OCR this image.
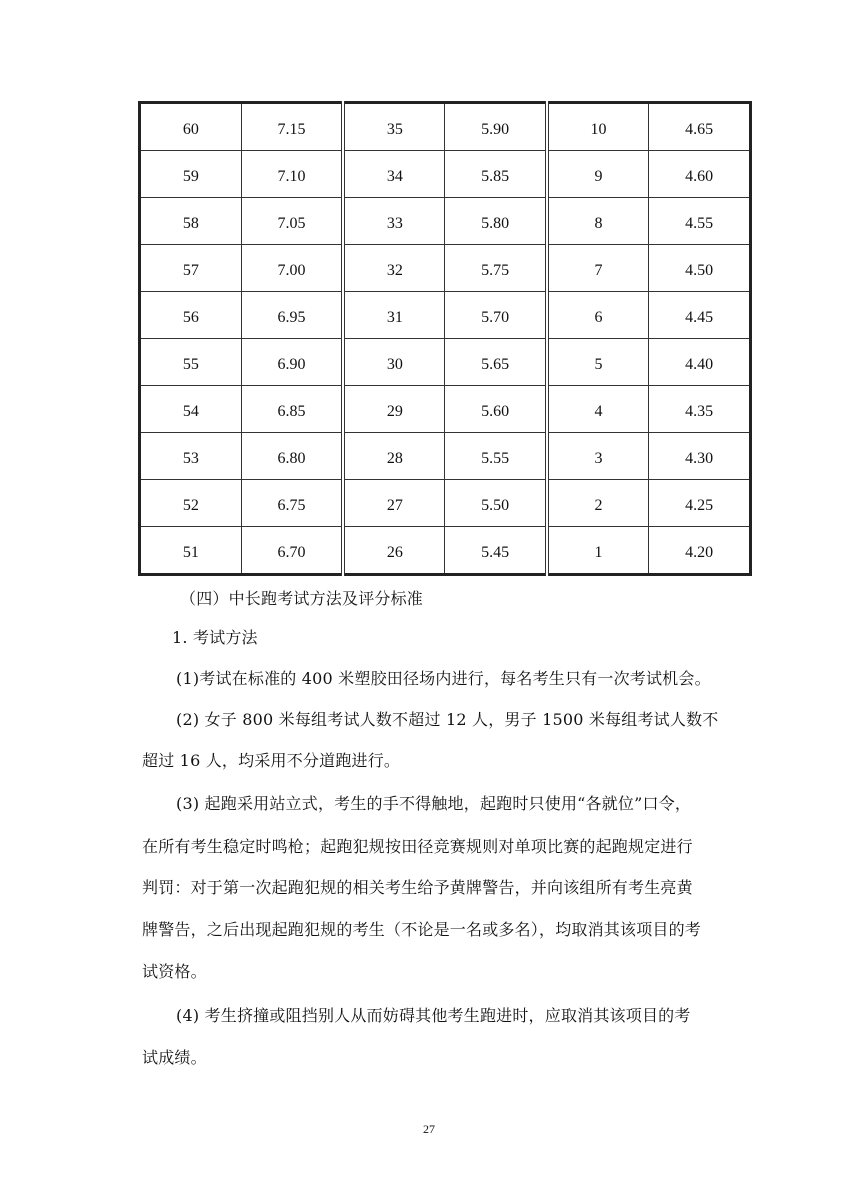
60	7.15	35	5.90	10	4.65
59	7.10	34	5.85	9	4.60
58	7.05	33	5.80	8	4.55
57	7.00	32	5.75	7	4.50
56	6.95	31	5.70	6	4.45
55	6.90	30	5.65	5	4.40
54	6.85	29	5.60	4	4.35
53	6.80	28	5.55	3	4.30
52	6.75	27	5.50	2	4.25
51	6.70	26	5.45	1	4.20
（四）中长跑考试方法及评分标准
1. 考试方法
(1)考试在标准的 400 米塑胶田径场内进行，每名考生只有一次考试机会。
(2) 女子 800 米每组考试人数不超过 12 人，男子 1500 米每组考试人数不
超过 16 人，均采用不分道跑进行。
(3) 起跑采用站立式，考生的手不得触地，起跑时只使用“各就位”口令，
在所有考生稳定时鸣枪；起跑犯规按田径竞赛规则对单项比赛的起跑规定进行
判罚：对于第一次起跑犯规的相关考生给予黄牌警告，并向该组所有考生亮黄
牌警告，之后出现起跑犯规的考生（不论是一名或多名），均取消其该项目的考
试资格。
(4) 考生挤撞或阻挡别人从而妨碍其他考生跑进时，应取消其该项目的考
试成绩。
27
